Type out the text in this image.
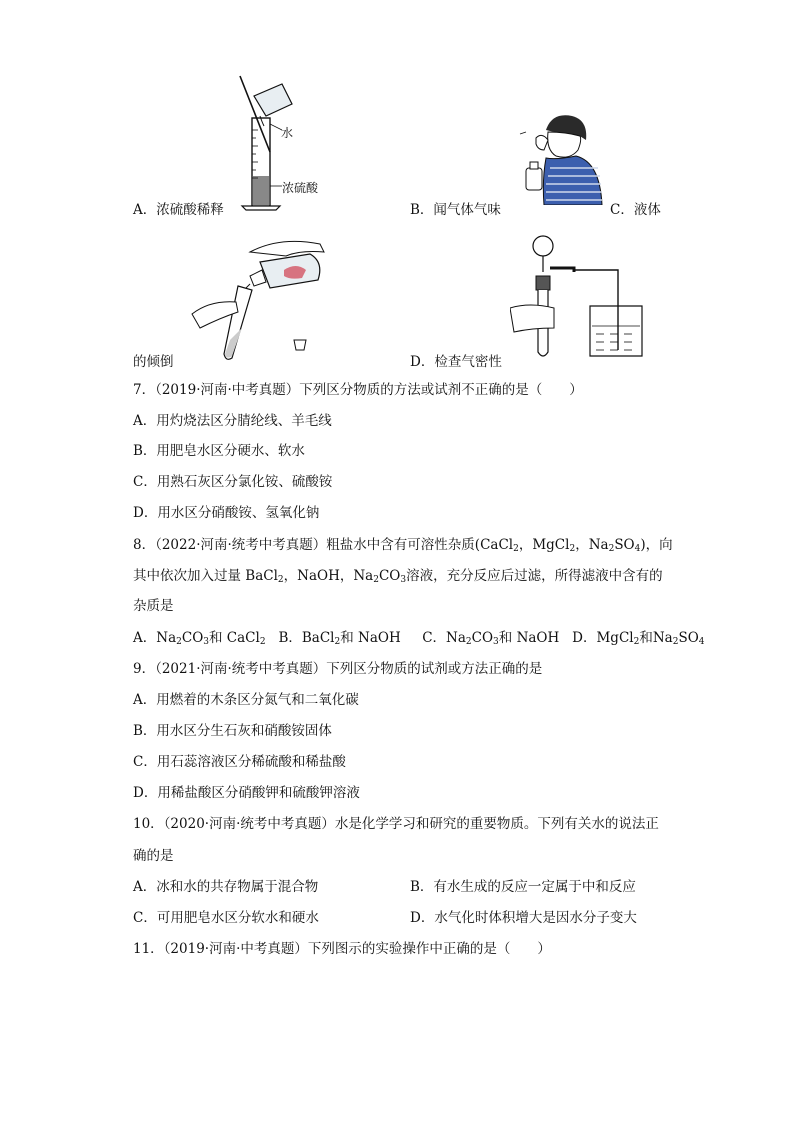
水
浓硫酸
A．浓硫酸稀释	B．闻气体气味	C．液体
的倾倒	D．检查气密性
7．（2019·河南·中考真题）下列区分物质的方法或试剂不正确的是（　　）
A．用灼烧法区分腈纶线、羊毛线
B．用肥皂水区分硬水、软水
C．用熟石灰区分氯化铵、硫酸铵
D．用水区分硝酸铵、氢氧化钠
8．（2022·河南·统考中考真题）粗盐水中含有可溶性杂质(CaCl$_2$，MgCl$_2$，$Na_2SO_4$)，向
其中依次加入过量 BaCl$_2$，NaOH，$Na_2CO_3$溶液，充分反应后过滤，所得滤液中含有的
杂质是
A．$Na_2CO_3$和 CaCl$_2$ B．BaCl$_2$和 NaOH C．$Na_2CO_3$和 NaOH D．MgCl$_2$和$Na_2SO_4$
9．（2021·河南·统考中考真题）下列区分物质的试剂或方法正确的是
A．用燃着的木条区分氮气和二氧化碳
B．用水区分生石灰和硝酸铵固体
C．用石蕊溶液区分稀硫酸和稀盐酸
D．用稀盐酸区分硝酸钾和硫酸钾溶液
10．（2020·河南·统考中考真题）水是化学学习和研究的重要物质。下列有关水的说法正
确的是
A．冰和水的共存物属于混合物	B．有水生成的反应一定属于中和反应
C．可用肥皂水区分软水和硬水	D．水气化时体积增大是因水分子变大
11．（2019·河南·中考真题）下列图示的实验操作中正确的是（　　）
